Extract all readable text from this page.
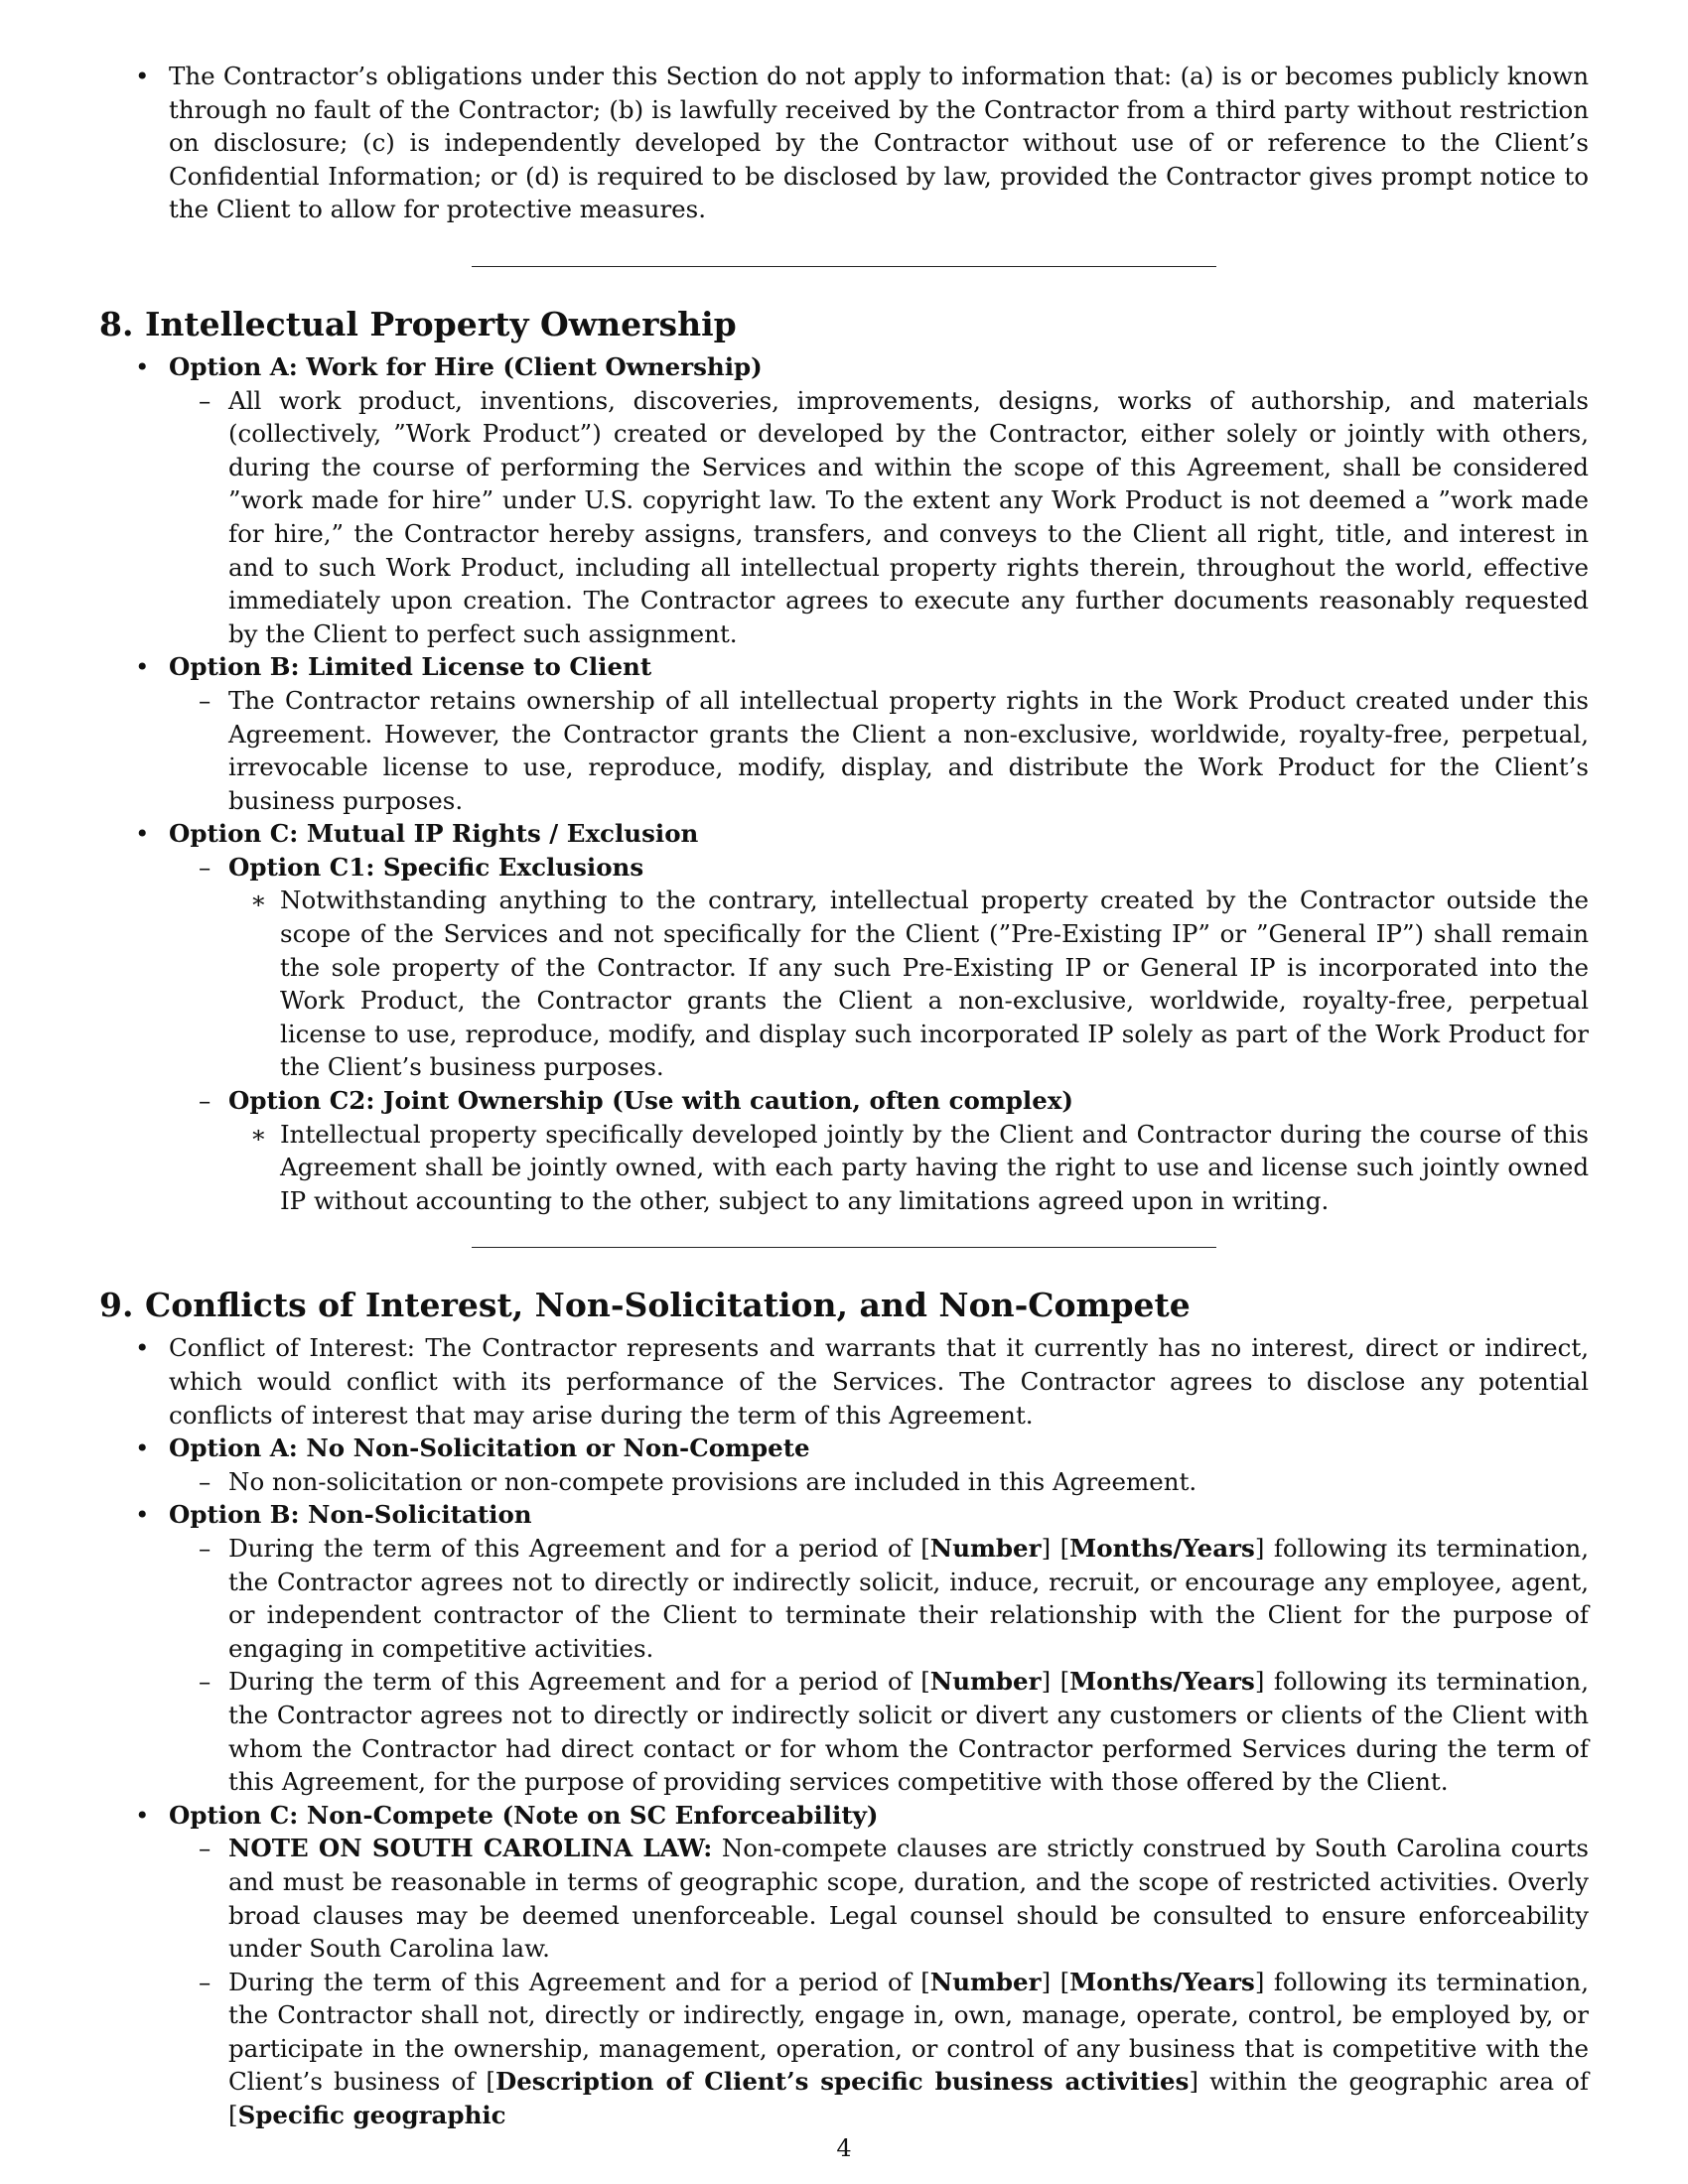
• The Contractor’s obligations under this Section do not apply to information that: (a) is or becomes publicly known through no fault of the Contractor; (b) is lawfully received by the Contractor from a third party without restriction on disclosure; (c) is independently developed by the Contractor without use of or reference to the Client’s Confidential Information; or (d) is required to be disclosed by law, provided the Contractor gives prompt notice to the Client to allow for protective measures.
8. Intellectual Property Ownership
• Option A: Work for Hire (Client Ownership)
– All work product, inventions, discoveries, improvements, designs, works of authorship, and materials (collectively, ”Work Product”) created or developed by the Contractor, either solely or jointly with others, during the course of performing the Services and within the scope of this Agreement, shall be considered ”work made for hire” under U.S. copyright law. To the extent any Work Product is not deemed a ”work made for hire,” the Contractor hereby assigns, transfers, and conveys to the Client all right, title, and interest in and to such Work Product, including all intellectual property rights therein, throughout the world, effective immediately upon creation. The Contractor agrees to execute any further documents reasonably requested by the Client to perfect such assignment.
• Option B: Limited License to Client
– The Contractor retains ownership of all intellectual property rights in the Work Product created under this Agreement. However, the Contractor grants the Client a non-exclusive, worldwide, royalty-free, perpetual, irrevocable license to use, reproduce, modify, display, and distribute the Work Product for the Client’s business purposes.
• Option C: Mutual IP Rights / Exclusion
– Option C1: Specific Exclusions
∗ Notwithstanding anything to the contrary, intellectual property created by the Contractor outside the scope of the Services and not specifically for the Client (”Pre-Existing IP” or ”General IP”) shall remain the sole property of the Contractor. If any such Pre-Existing IP or General IP is incorporated into the Work Product, the Contractor grants the Client a non-exclusive, worldwide, royalty-free, perpetual license to use, reproduce, modify, and display such incorporated IP solely as part of the Work Product for the Client’s business purposes.
– Option C2: Joint Ownership (Use with caution, often complex)
∗ Intellectual property specifically developed jointly by the Client and Contractor during the course of this Agreement shall be jointly owned, with each party having the right to use and license such jointly owned IP without accounting to the other, subject to any limitations agreed upon in writing.
9. Conflicts of Interest, Non-Solicitation, and Non-Compete
• Conflict of Interest: The Contractor represents and warrants that it currently has no interest, direct or indirect, which would conflict with its performance of the Services. The Contractor agrees to disclose any potential conflicts of interest that may arise during the term of this Agreement.
• Option A: No Non-Solicitation or Non-Compete
– No non-solicitation or non-compete provisions are included in this Agreement.
• Option B: Non-Solicitation
– During the term of this Agreement and for a period of [Number] [Months/Years] following its termination, the Contractor agrees not to directly or indirectly solicit, induce, recruit, or encourage any employee, agent, or independent contractor of the Client to terminate their relationship with the Client for the purpose of engaging in competitive activities.
– During the term of this Agreement and for a period of [Number] [Months/Years] following its termination, the Contractor agrees not to directly or indirectly solicit or divert any customers or clients of the Client with whom the Contractor had direct contact or for whom the Contractor performed Services during the term of this Agreement, for the purpose of providing services competitive with those offered by the Client.
• Option C: Non-Compete (Note on SC Enforceability)
– NOTE ON SOUTH CAROLINA LAW: Non-compete clauses are strictly construed by South Carolina courts and must be reasonable in terms of geographic scope, duration, and the scope of restricted activities. Overly broad clauses may be deemed unenforceable. Legal counsel should be consulted to ensure enforceability under South Carolina law.
– During the term of this Agreement and for a period of [Number] [Months/Years] following its termination, the Contractor shall not, directly or indirectly, engage in, own, manage, operate, control, be employed by, or participate in the ownership, management, operation, or control of any business that is competitive with the Client’s business of [Description of Client’s specific business activities] within the geographic area of [Specific geographic
4
